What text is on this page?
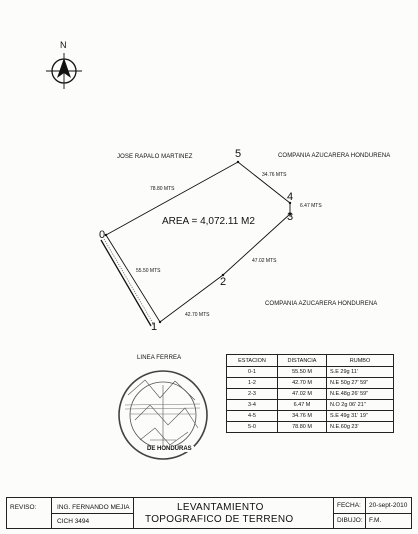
JOSE RAPALO MARTINEZ	COMPANIA AZUCARERA HONDURENA
COMPANIA AZUCARERA HONDURENA
LINEA FERREA
N
AREA = 4,072.11 M2
0
1
2
3
4
5
78.80 MTS
34.76 MTS
6.47 MTS
47.02 MTS
55.50 MTS
42.70 MTS
DE HONDURAS
ESTACION	DISTANCIA	RUMBO
0-1	55.50 M	S.E 29g 11'
1-2	42.70 M	N.E 50g 27' 59"
2-3	47.02 M	N.E.48g 26' 59"
3-4	6.47 M	N.O 2g 06' 21"
4-5	34.76 M	S.E 49g 31' 19"
5-0	78.80 M	N.E.60g 23'
REVISO:	ING. FERNANDO MEJIA
CICH 3494
LEVANTAMIENTO
TOPOGRAFICO DE TERRENO
FECHA: 20-sept-2010
DIBUJO: F.M.
